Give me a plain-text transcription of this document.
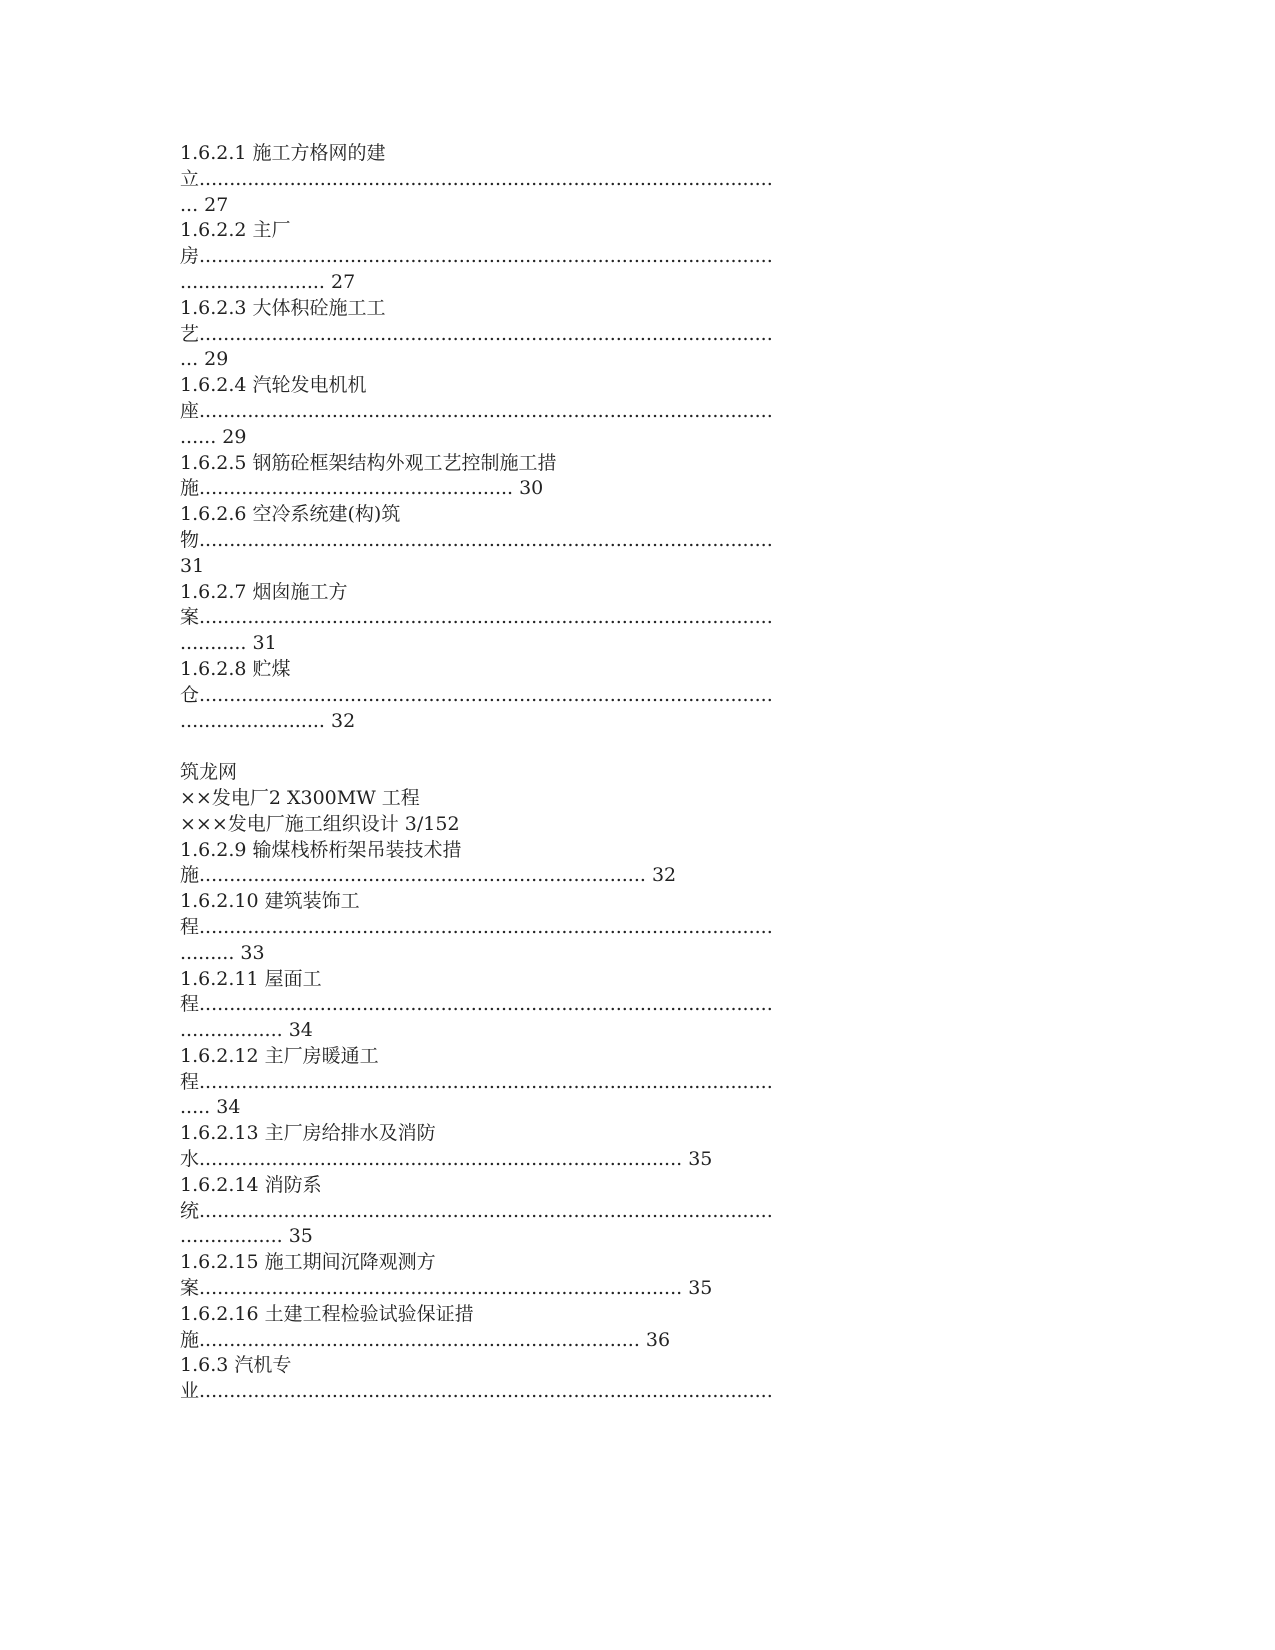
1.6.2.1 施工方格网的建
立...............................................................................................
... 27
1.6.2.2 主厂
房...............................................................................................
........................ 27
1.6.2.3 大体积砼施工工
艺...............................................................................................
... 29
1.6.2.4 汽轮发电机机
座...............................................................................................
...... 29
1.6.2.5 钢筋砼框架结构外观工艺控制施工措
施.................................................... 30
1.6.2.6 空冷系统建(构)筑
物...............................................................................................
31
1.6.2.7 烟囱施工方
案...............................................................................................
........... 31
1.6.2.8 贮煤
仓...............................................................................................
........................ 32
筑龙网
××发电厂2 X300MW 工程
×××发电厂施工组织设计 3/152
1.6.2.9 输煤栈桥桁架吊装技术措
施.......................................................................... 32
1.6.2.10 建筑装饰工
程...............................................................................................
......... 33
1.6.2.11 屋面工
程...............................................................................................
................. 34
1.6.2.12 主厂房暖通工
程...............................................................................................
..... 34
1.6.2.13 主厂房给排水及消防
水................................................................................ 35
1.6.2.14 消防系
统...............................................................................................
................. 35
1.6.2.15 施工期间沉降观测方
案................................................................................ 35
1.6.2.16 土建工程检验试验保证措
施......................................................................... 36
1.6.3 汽机专
业...............................................................................................
